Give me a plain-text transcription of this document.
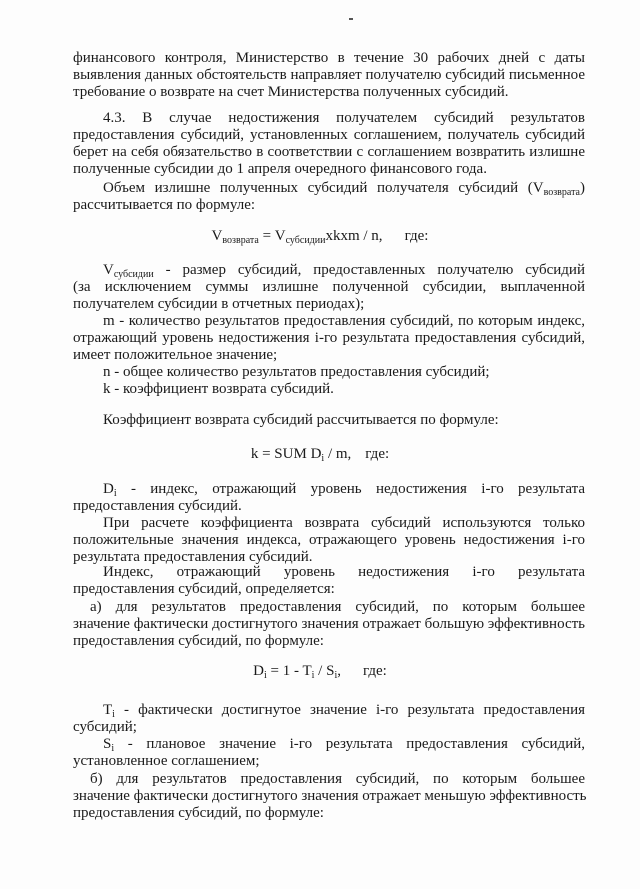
финансового контроля, Министерство в течение 30 рабочих дней с даты

выявления данных обстоятельств направляет получателю субсидий письменное

требование о возврате на счет Министерства полученных субсидий.

4.3. В случае недостижения получателем субсидий результатов

предоставления субсидий, установленных соглашением, получатель субсидий

берет на себя обязательство в соответствии с соглашением возвратить излишне

полученные субсидии до 1 апреля очередного финансового года.

Объем излишне полученных субсидий получателя субсидий $(V_{возврата})$

рассчитывается по формуле:

$V_{возврата}$ = $V_{субсидии}xkxm$ / n, где:

$V_{субсидии}$ - размер субсидий, предоставленных получателю субсидий

(за исключением суммы излишне полученной субсидии, выплаченной

получателем субсидии в отчетных периодах);

m - количество результатов предоставления субсидий, по которым индекс,

отражающий уровень недостижения i-го результата предоставления субсидий,

имеет положительное значение;

n - общее количество результатов предоставления субсидий;

k - коэффициент возврата субсидий.

Коэффициент возврата субсидий рассчитывается по формуле:

k = SUM $D_i$ / m, где:

$D_i$ - индекс, отражающий уровень недостижения i-го результата

предоставления субсидий.

При расчете коэффициента возврата субсидий используются только

положительные значения индекса, отражающего уровень недостижения i-го

результата предоставления субсидий.

Индекс, отражающий уровень недостижения i-го результата

предоставления субсидий, определяется:

а) для результатов предоставления субсидий, по которым большее

значение фактически достигнутого значения отражает большую эффективность

предоставления субсидий, по формуле:

$D_i = 1 - T_i / S_i$, где:

$T_i$ - фактически достигнутое значение i-го результата предоставления

субсидий;

$S_i$ - плановое значение i-го результата предоставления субсидий,

установленное соглашением;

б) для результатов предоставления субсидий, по которым большее

значение фактически достигнутого значения отражает меньшую эффективность

предоставления субсидий, по формуле:
